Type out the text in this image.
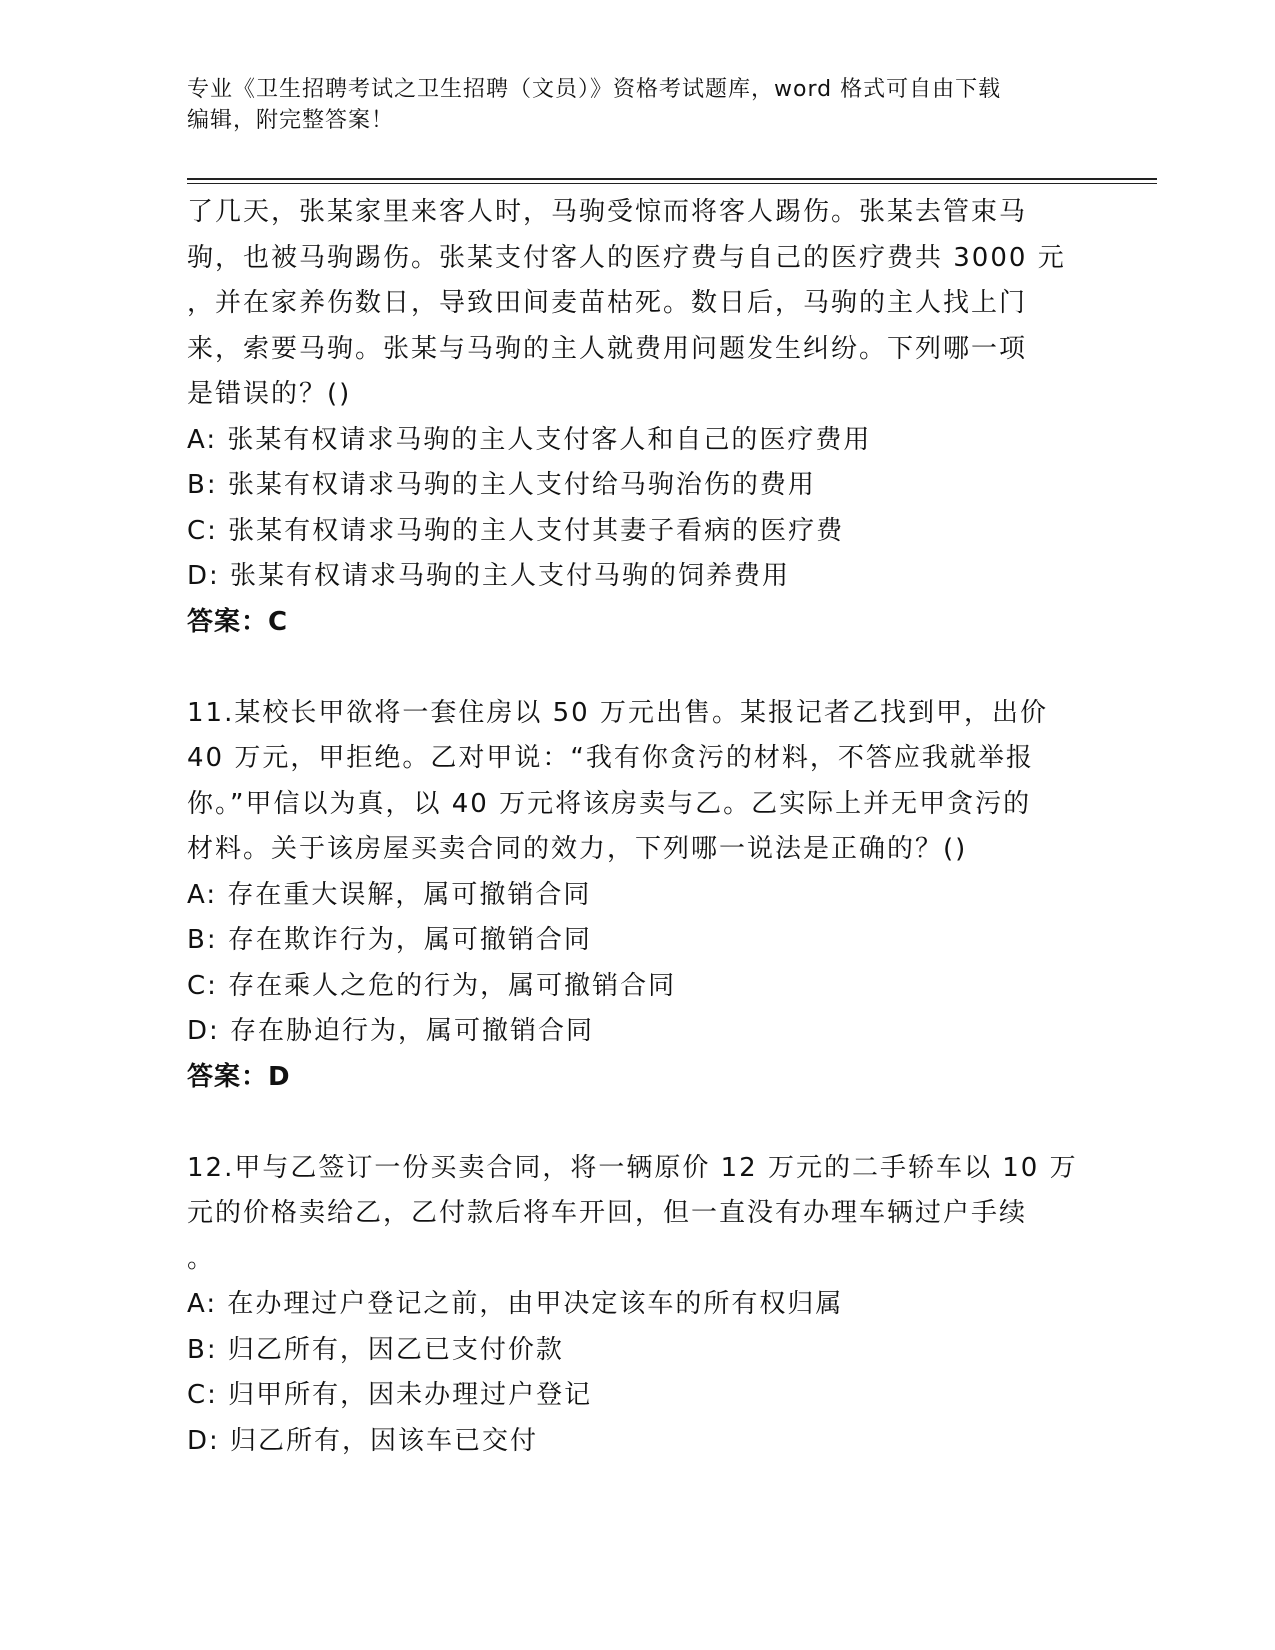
专业《卫生招聘考试之卫生招聘（文员）》资格考试题库，word 格式可自由下载
编辑，附完整答案！
了几天，张某家里来客人时，马驹受惊而将客人踢伤。张某去管束马
驹，也被马驹踢伤。张某支付客人的医疗费与自己的医疗费共 3000 元
，并在家养伤数日，导致田间麦苗枯死。数日后，马驹的主人找上门
来，索要马驹。张某与马驹的主人就费用问题发生纠纷。下列哪一项
是错误的？()
A: 张某有权请求马驹的主人支付客人和自己的医疗费用
B: 张某有权请求马驹的主人支付给马驹治伤的费用
C: 张某有权请求马驹的主人支付其妻子看病的医疗费
D: 张某有权请求马驹的主人支付马驹的饲养费用
答案：C
11.某校长甲欲将一套住房以 50 万元出售。某报记者乙找到甲，出价
40 万元，甲拒绝。乙对甲说：“我有你贪污的材料，不答应我就举报
你。”甲信以为真，以 40 万元将该房卖与乙。乙实际上并无甲贪污的
材料。关于该房屋买卖合同的效力，下列哪一说法是正确的？()
A: 存在重大误解，属可撤销合同
B: 存在欺诈行为，属可撤销合同
C: 存在乘人之危的行为，属可撤销合同
D: 存在胁迫行为，属可撤销合同
答案：D
12.甲与乙签订一份买卖合同，将一辆原价 12 万元的二手轿车以 10 万
元的价格卖给乙，乙付款后将车开回，但一直没有办理车辆过户手续
。
A: 在办理过户登记之前，由甲决定该车的所有权归属
B: 归乙所有，因乙已支付价款
C: 归甲所有，因未办理过户登记
D: 归乙所有，因该车已交付
